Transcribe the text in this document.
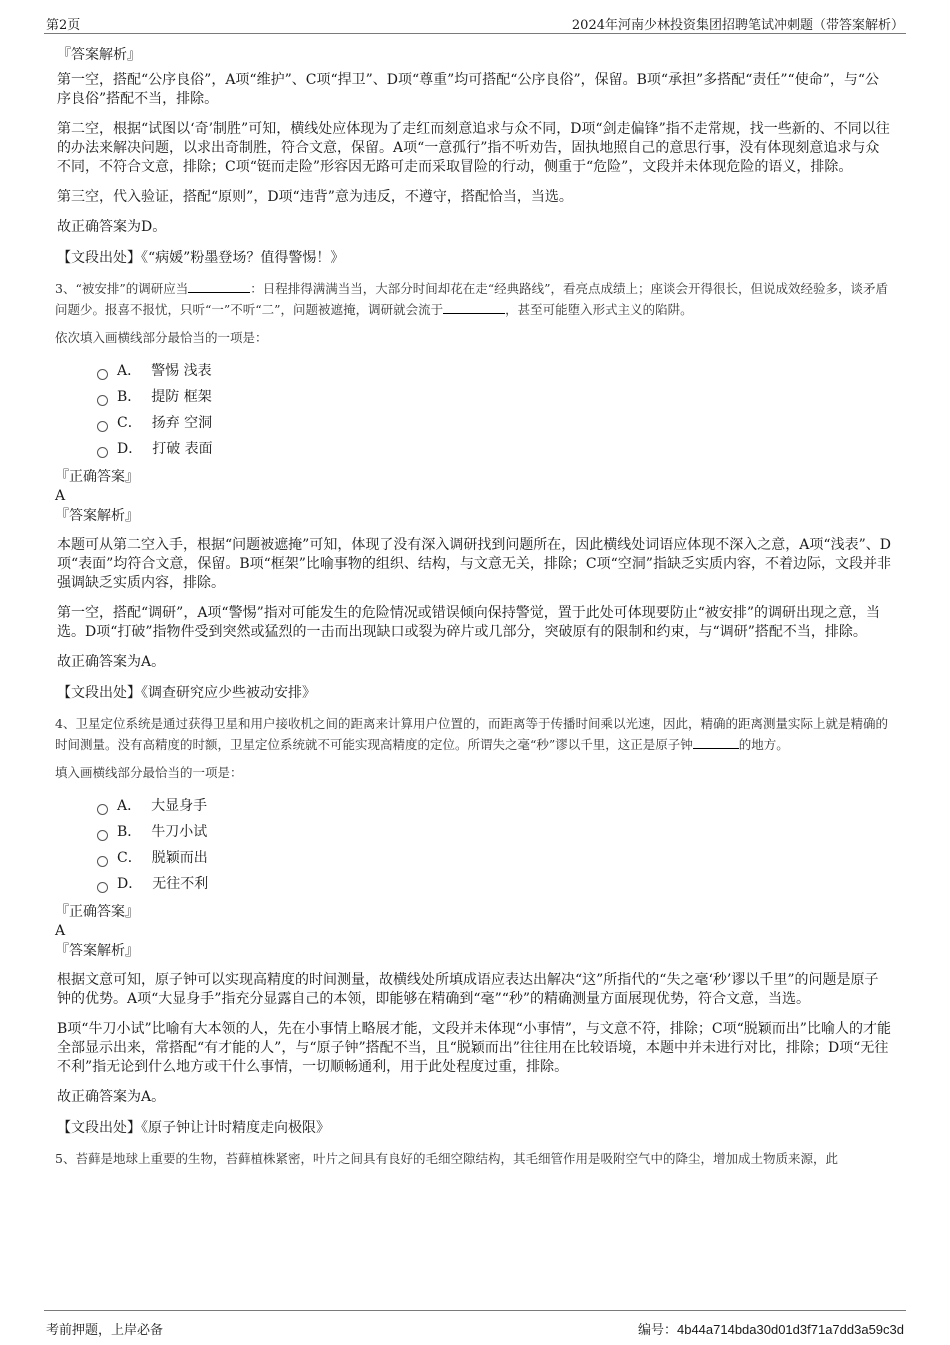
第2页	2024年河南少林投资集团招聘笔试冲刺题（带答案解析）
『答案解析』

第一空，搭配“公序良俗”，A项“维护”、C项“捍卫”、D项“尊重”均可搭配“公序良俗”，保留。B项“承担”多搭配“责任”“使命”，与“公序良俗”搭配不当，排除。

第二空，根据“试图以‘奇’制胜”可知，横线处应体现为了走红而刻意追求与众不同，D项“剑走偏锋”指不走常规，找一些新的、不同以往的办法来解决问题，以求出奇制胜，符合文意，保留。A项“一意孤行”指不听劝告，固执地照自己的意思行事，没有体现刻意追求与众不同，不符合文意，排除；C项“铤而走险”形容因无路可走而采取冒险的行动，侧重于“危险”，文段并未体现危险的语义，排除。

第三空，代入验证，搭配“原则”，D项“违背”意为违反，不遵守，搭配恰当，当选。

故正确答案为D。

【文段出处】《“病媛”粉墨登场？值得警惕！》

3、“被安排”的调研应当	：日程排得满满当当，大部分时间却花在走“经典路线”，看亮点成绩上；座谈会开得很长，但说成效经验多，谈矛盾问题少。报喜不报忧，只听“一”不听“二”，问题被遮掩，调研就会流于	，甚至可能堕入形式主义的陷阱。

依次填入画横线部分最恰当的一项是：

A． 警惕 浅表
B． 提防 框架
C． 扬弃 空洞
D． 打破 表面
『正确答案』
A
『答案解析』

本题可从第二空入手，根据“问题被遮掩”可知，体现了没有深入调研找到问题所在，因此横线处词语应体现不深入之意，A项“浅表”、D项“表面”均符合文意，保留。B项“框架”比喻事物的组织、结构，与文意无关，排除；C项“空洞”指缺乏实质内容，不着边际，文段并非强调缺乏实质内容，排除。

第一空，搭配“调研”，A项“警惕”指对可能发生的危险情况或错误倾向保持警觉，置于此处可体现要防止“被安排”的调研出现之意，当选。D项“打破”指物件受到突然或猛烈的一击而出现缺口或裂为碎片或几部分，突破原有的限制和约束，与“调研”搭配不当，排除。

故正确答案为A。

【文段出处】《调查研究应少些被动安排》

4、卫星定位系统是通过获得卫星和用户接收机之间的距离来计算用户位置的，而距离等于传播时间乘以光速，因此，精确的距离测量实际上就是精确的时间测量。没有高精度的时额，卫星定位系统就不可能实现高精度的定位。所谓失之毫“秒”谬以千里，这正是原子钟	的地方。

填入画横线部分最恰当的一项是：

A． 大显身手
B． 牛刀小试
C． 脱颖而出
D． 无往不利
『正确答案』
A
『答案解析』

根据文意可知，原子钟可以实现高精度的时间测量，故横线处所填成语应表达出解决“这”所指代的“失之毫‘秒’谬以千里”的问题是原子钟的优势。A项“大显身手”指充分显露自己的本领，即能够在精确到“毫”“秒”的精确测量方面展现优势，符合文意，当选。

B项“牛刀小试”比喻有大本领的人，先在小事情上略展才能，文段并未体现“小事情”，与文意不符，排除；C项“脱颖而出”比喻人的才能全部显示出来，常搭配“有才能的人”，与“原子钟”搭配不当，且“脱颖而出”往往用在比较语境，本题中并未进行对比，排除；D项“无往不利”指无论到什么地方或干什么事情，一切顺畅通利，用于此处程度过重，排除。

故正确答案为A。

【文段出处】《原子钟让计时精度走向极限》

5、苔藓是地球上重要的生物，苔藓植株紧密，叶片之间具有良好的毛细空隙结构，其毛细管作用是吸附空气中的降尘，增加成土物质来源，此

考前押题，上岸必备	编号：4b44a714bda30d01d3f71a7dd3a59c3d
